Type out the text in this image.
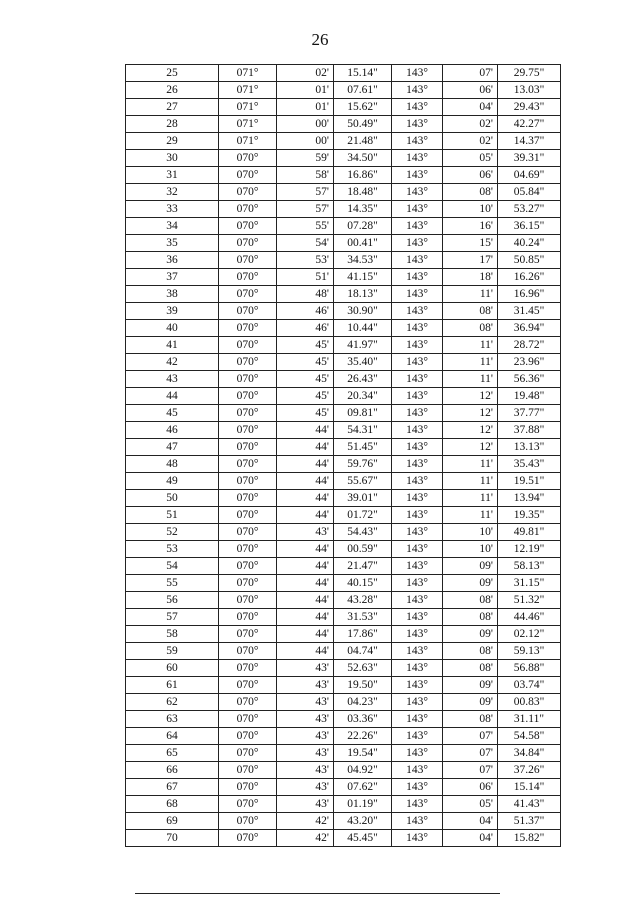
26
25	071°	02'	15.14"	143°	07'	29.75"
26	071°	01'	07.61"	143°	06'	13.03"
27	071°	01'	15.62"	143°	04'	29.43"
28	071°	00'	50.49"	143°	02'	42.27"
29	071°	00'	21.48"	143°	02'	14.37"
30	070°	59'	34.50"	143°	05'	39.31"
31	070°	58'	16.86"	143°	06'	04.69"
32	070°	57'	18.48"	143°	08'	05.84"
33	070°	57'	14.35"	143°	10'	53.27"
34	070°	55'	07.28"	143°	16'	36.15"
35	070°	54'	00.41"	143°	15'	40.24"
36	070°	53'	34.53"	143°	17'	50.85"
37	070°	51'	41.15"	143°	18'	16.26"
38	070°	48'	18.13"	143°	11'	16.96"
39	070°	46'	30.90"	143°	08'	31.45"
40	070°	46'	10.44"	143°	08'	36.94"
41	070°	45'	41.97"	143°	11'	28.72"
42	070°	45'	35.40"	143°	11'	23.96"
43	070°	45'	26.43"	143°	11'	56.36"
44	070°	45'	20.34"	143°	12'	19.48"
45	070°	45'	09.81"	143°	12'	37.77"
46	070°	44'	54.31"	143°	12'	37.88"
47	070°	44'	51.45"	143°	12'	13.13"
48	070°	44'	59.76"	143°	11'	35.43"
49	070°	44'	55.67"	143°	11'	19.51"
50	070°	44'	39.01"	143°	11'	13.94"
51	070°	44'	01.72"	143°	11'	19.35"
52	070°	43'	54.43"	143°	10'	49.81"
53	070°	44'	00.59"	143°	10'	12.19"
54	070°	44'	21.47"	143°	09'	58.13"
55	070°	44'	40.15"	143°	09'	31.15"
56	070°	44'	43.28"	143°	08'	51.32"
57	070°	44'	31.53"	143°	08'	44.46"
58	070°	44'	17.86"	143°	09'	02.12"
59	070°	44'	04.74"	143°	08'	59.13"
60	070°	43'	52.63"	143°	08'	56.88"
61	070°	43'	19.50"	143°	09'	03.74"
62	070°	43'	04.23"	143°	09'	00.83"
63	070°	43'	03.36"	143°	08'	31.11"
64	070°	43'	22.26"	143°	07'	54.58"
65	070°	43'	19.54"	143°	07'	34.84"
66	070°	43'	04.92"	143°	07'	37.26"
67	070°	43'	07.62"	143°	06'	15.14"
68	070°	43'	01.19"	143°	05'	41.43"
69	070°	42'	43.20"	143°	04'	51.37"
70	070°	42'	45.45"	143°	04'	15.82"
